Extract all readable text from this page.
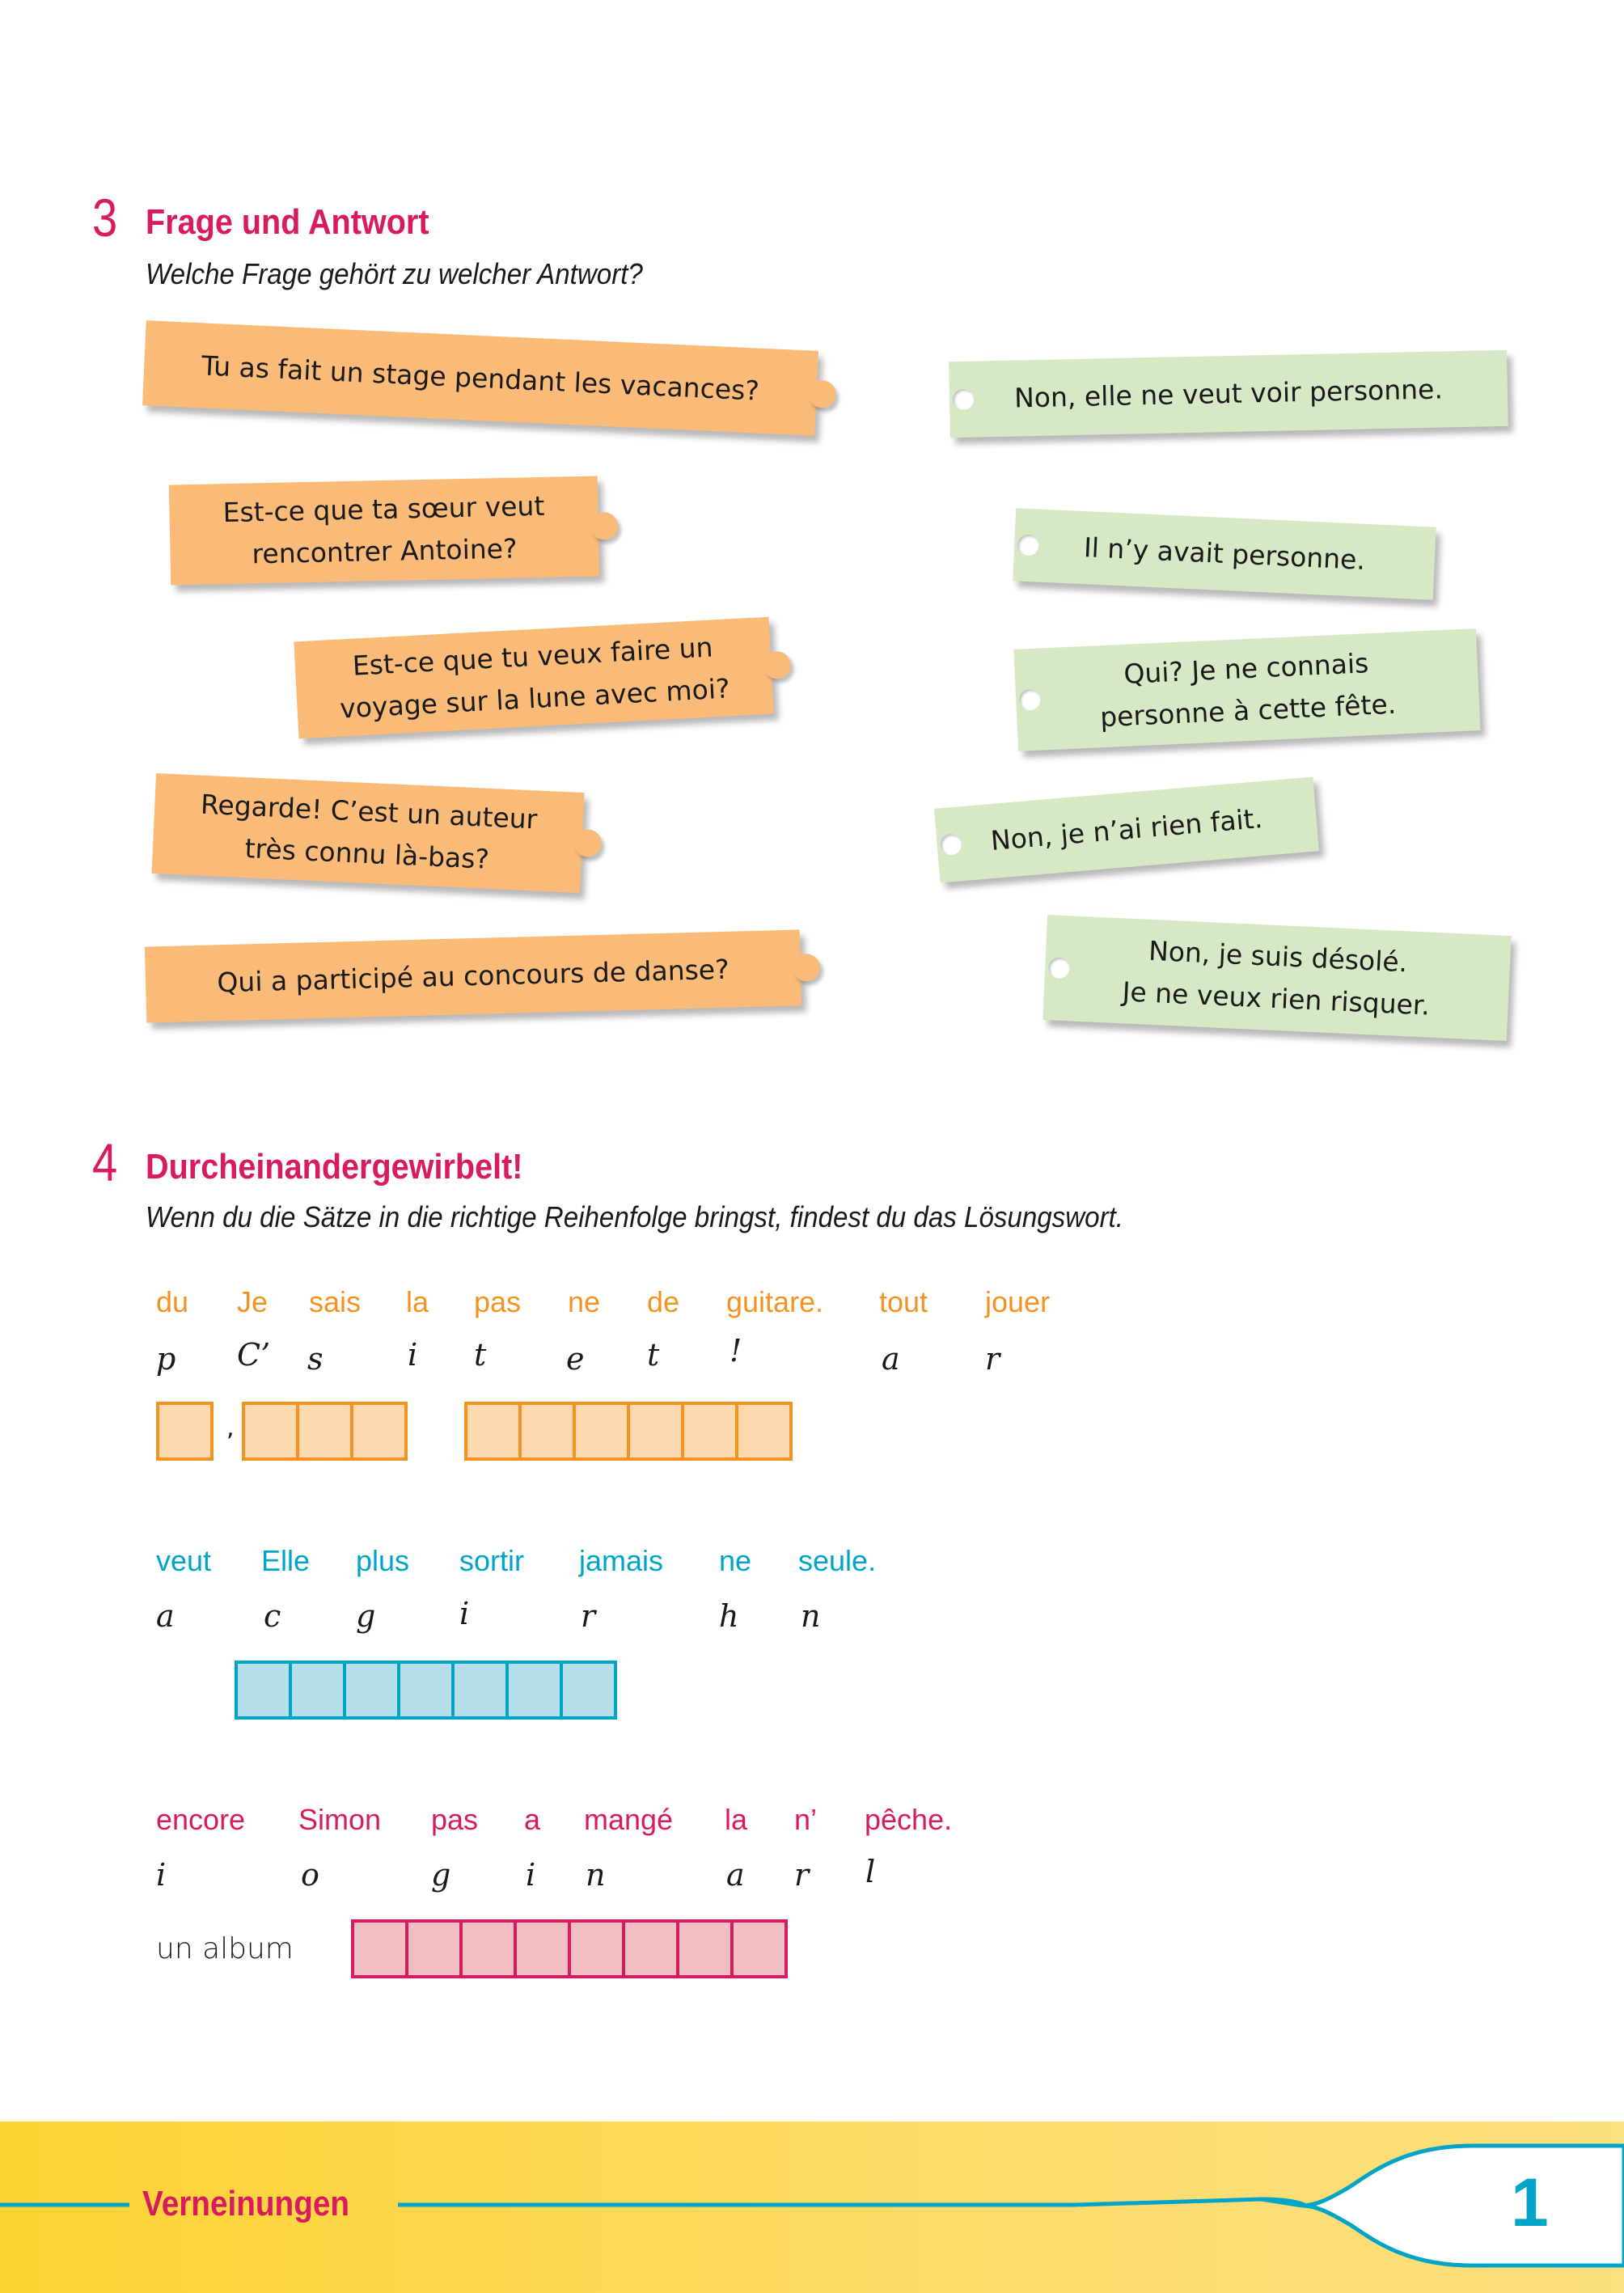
3 Frage und Antwort
Welche Frage gehört zu welcher Antwort?
Tu as fait un stage pendant les vacances?
Est-ce que ta sœur veut
rencontrer Antoine?
Est-ce que tu veux faire un
voyage sur la lune avec moi?
Regarde! C’est un auteur
très connu là-bas?
Qui a participé au concours de danse?
Non, elle ne veut voir personne.
Il n’y avait personne.
Qui? Je ne connais
personne à cette fête.
Non, je n’ai rien fait.
Non, je suis désolé.
Je ne veux rien risquer.
4 Durcheinandergewirbelt!
Wenn du die Sätze in die richtige Reihenfolge bringst, findest du das Lösungswort.
du Je sais la pas ne de guitare. tout jouer
p C’ s	i t	e t !	a	r
,
veut Elle plus sortir jamais ne seule.
a	c g	i	r	h n
encore Simon pas a mangé la n’ pêche.
i	o	g i n	a r l
un album
Verneinungen	1
